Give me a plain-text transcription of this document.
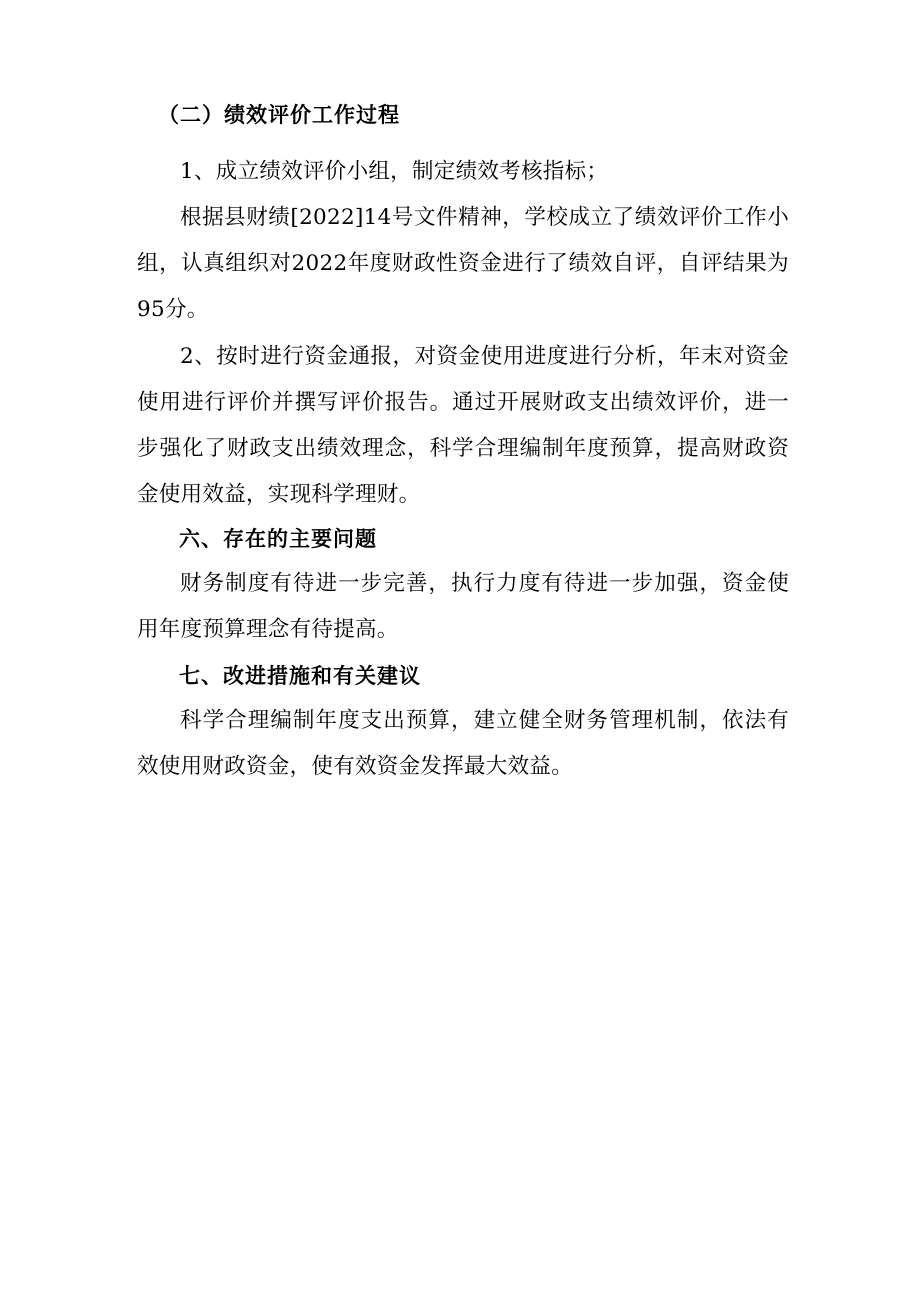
（二）绩效评价工作过程
1、成立绩效评价小组，制定绩效考核指标；
根据县财绩[2022]14号文件精神，学校成立了绩效评价工作小组，认真组织对2022年度财政性资金进行了绩效自评，自评结果为95分。
2、按时进行资金通报，对资金使用进度进行分析，年末对资金使用进行评价并撰写评价报告。通过开展财政支出绩效评价，进一步强化了财政支出绩效理念，科学合理编制年度预算，提高财政资金使用效益，实现科学理财。
六、存在的主要问题
财务制度有待进一步完善，执行力度有待进一步加强，资金使用年度预算理念有待提高。
七、改进措施和有关建议
科学合理编制年度支出预算，建立健全财务管理机制，依法有效使用财政资金，使有效资金发挥最大效益。
